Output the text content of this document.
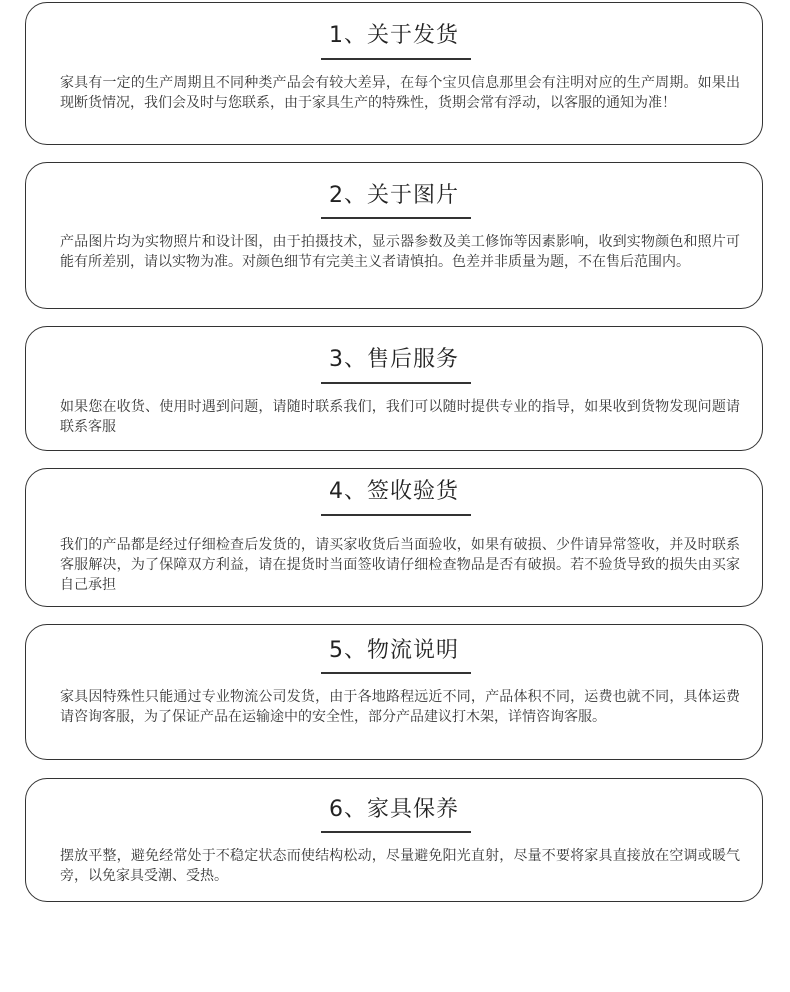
1、关于发货
家具有一定的生产周期且不同种类产品会有较大差异，在每个宝贝信息那里会有注明对应的生产周期。如果出现断货情况，我们会及时与您联系，由于家具生产的特殊性，货期会常有浮动，以客服的通知为准！
2、关于图片
产品图片均为实物照片和设计图，由于拍摄技术，显示器参数及美工修饰等因素影响，收到实物颜色和照片可能有所差别，请以实物为准。对颜色细节有完美主义者请慎拍。色差并非质量为题，不在售后范围内。
3、售后服务
如果您在收货、使用时遇到问题，请随时联系我们，我们可以随时提供专业的指导，如果收到货物发现问题请联系客服
4、签收验货
我们的产品都是经过仔细检查后发货的，请买家收货后当面验收，如果有破损、少件请异常签收，并及时联系客服解决，为了保障双方利益，请在提货时当面签收请仔细检查物品是否有破损。若不验货导致的损失由买家自己承担
5、物流说明
家具因特殊性只能通过专业物流公司发货，由于各地路程远近不同，产品体积不同，运费也就不同，具体运费请咨询客服，为了保证产品在运输途中的安全性，部分产品建议打木架，详情咨询客服。
6、家具保养
摆放平整，避免经常处于不稳定状态而使结构松动，尽量避免阳光直射，尽量不要将家具直接放在空调或暖气旁，以免家具受潮、受热。
